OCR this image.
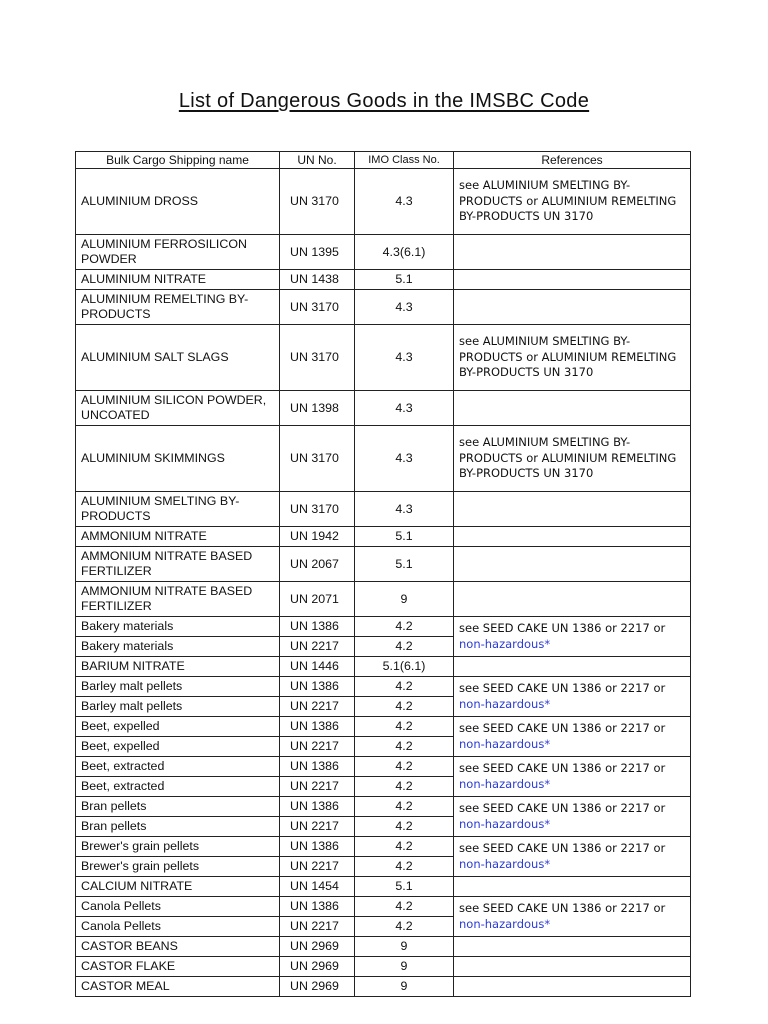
List of Dangerous Goods in the IMSBC Code
Bulk Cargo Shipping name	UN No.	IMO Class No.	References
ALUMINIUM DROSS	UN 3170	4.3	see ALUMINIUM SMELTING BY-PRODUCTS or ALUMINIUM REMELTING BY-PRODUCTS UN 3170
ALUMINIUM FERROSILICON POWDER	UN 1395	4.3(6.1)	
ALUMINIUM NITRATE	UN 1438	5.1	
ALUMINIUM REMELTING BY-PRODUCTS	UN 3170	4.3	
ALUMINIUM SALT SLAGS	UN 3170	4.3	see ALUMINIUM SMELTING BY-PRODUCTS or ALUMINIUM REMELTING BY-PRODUCTS UN 3170
ALUMINIUM SILICON POWDER, UNCOATED	UN 1398	4.3	
ALUMINIUM SKIMMINGS	UN 3170	4.3	see ALUMINIUM SMELTING BY-PRODUCTS or ALUMINIUM REMELTING BY-PRODUCTS UN 3170
ALUMINIUM SMELTING BY-PRODUCTS	UN 3170	4.3	
AMMONIUM NITRATE	UN 1942	5.1	
AMMONIUM NITRATE BASED FERTILIZER	UN 2067	5.1	
AMMONIUM NITRATE BASED FERTILIZER	UN 2071	9	
Bakery materials	UN 1386	4.2	see SEED CAKE UN 1386 or 2217 or non-hazardous*
Bakery materials	UN 2217	4.2	
BARIUM NITRATE	UN 1446	5.1(6.1)	
Barley malt pellets	UN 1386	4.2	see SEED CAKE UN 1386 or 2217 or non-hazardous*
Barley malt pellets	UN 2217	4.2	
Beet, expelled	UN 1386	4.2	see SEED CAKE UN 1386 or 2217 or non-hazardous*
Beet, expelled	UN 2217	4.2	
Beet, extracted	UN 1386	4.2	see SEED CAKE UN 1386 or 2217 or non-hazardous*
Beet, extracted	UN 2217	4.2	
Bran pellets	UN 1386	4.2	see SEED CAKE UN 1386 or 2217 or non-hazardous*
Bran pellets	UN 2217	4.2	
Brewer's grain pellets	UN 1386	4.2	see SEED CAKE UN 1386 or 2217 or non-hazardous*
Brewer's grain pellets	UN 2217	4.2	
CALCIUM NITRATE	UN 1454	5.1	
Canola Pellets	UN 1386	4.2	see SEED CAKE UN 1386 or 2217 or non-hazardous*
Canola Pellets	UN 2217	4.2	
CASTOR BEANS	UN 2969	9	
CASTOR FLAKE	UN 2969	9	
CASTOR MEAL	UN 2969	9	
